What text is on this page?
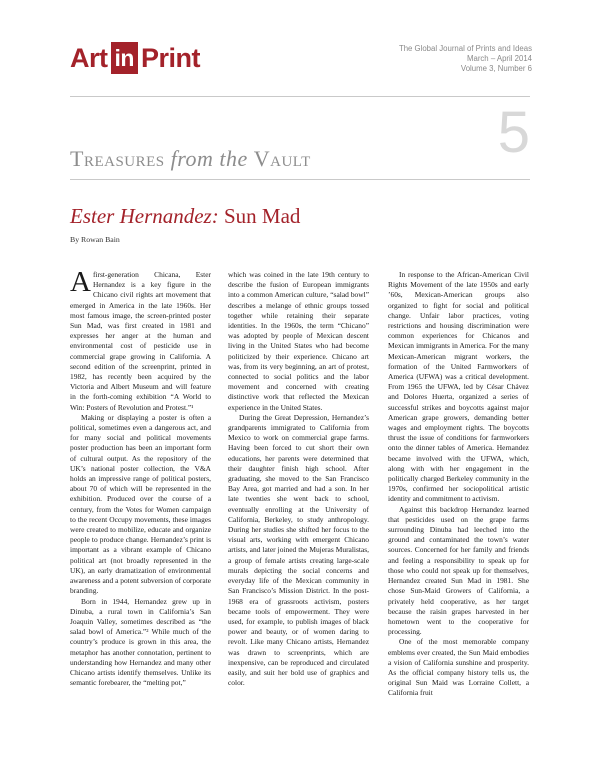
Art in Print	The Global Journal of Prints and Ideas
March – April 2014
Volume 3, Number 6
Treasures from the Vault	5
Ester Hernandez: Sun Mad
By Rowan Bain

Afirst-generation Chicana, Ester Hernandez is a key figure in the Chicano civil rights art movement that emerged in America in the late 1960s. Her most famous image, the screen-printed poster Sun Mad, was first created in 1981 and expresses her anger at the human and environmental cost of pesticide use in commercial grape growing in California. A second edition of the screenprint, printed in 1982, has recently been acquired by the Victoria and Albert Museum and will feature in the forth-coming exhibition “A World to Win: Posters of Revolution and Protest.”¹

Making or displaying a poster is often a political, sometimes even a dangerous act, and for many social and political movements poster production has been an important form of cultural output. As the repository of the UK’s national poster collection, the V&A holds an impressive range of political posters, about 70 of which will be represented in the exhibition. Produced over the course of a century, from the Votes for Women campaign to the recent Occupy movements, these images were created to mobilize, educate and organize people to produce change. Hernandez’s print is important as a vibrant example of Chicano political art (not broadly represented in the UK), an early dramatization of environmental awareness and a potent subversion of corporate branding.

Born in 1944, Hernandez grew up in Dinuba, a rural town in California’s San Joaquin Valley, sometimes described as “the salad bowl of America.”² While much of the country’s produce is grown in this area, the metaphor has another connotation, pertinent to understanding how Hernandez and many other Chicano artists identify themselves. Unlike its semantic forebearer, the “melting pot,”

which was coined in the late 19th century to describe the fusion of European immigrants into a common American culture, “salad bowl” describes a melange of ethnic groups tossed together while retaining their separate identities. In the 1960s, the term “Chicano” was adopted by people of Mexican descent living in the United States who had become politicized by their experience. Chicano art was, from its very beginning, an art of protest, connected to social politics and the labor movement and concerned with creating distinctive work that reflected the Mexican experience in the United States.

During the Great Depression, Hernandez’s grandparents immigrated to California from Mexico to work on commercial grape farms. Having been forced to cut short their own educations, her parents were determined that their daughter finish high school. After graduating, she moved to the San Francisco Bay Area, got married and had a son. In her late twenties she went back to school, eventually enrolling at the University of California, Berkeley, to study anthropology. During her studies she shifted her focus to the visual arts, working with emergent Chicano artists, and later joined the Mujeras Muralistas, a group of female artists creating large-scale murals depicting the social concerns and everyday life of the Mexican community in San Francisco’s Mission District. In the post-1968 era of grassroots activism, posters became tools of empowerment. They were used, for example, to publish images of black power and beauty, or of women daring to revolt. Like many Chicano artists, Hernandez was drawn to screenprints, which are inexpensive, can be reproduced and circulated easily, and suit her bold use of graphics and color.

In response to the African-American Civil Rights Movement of the late 1950s and early ’60s, Mexican-American groups also organized to fight for social and political change. Unfair labor practices, voting restrictions and housing discrimination were common experiences for Chicanos and Mexican immigrants in America. For the many Mexican-American migrant workers, the formation of the United Farmworkers of America (UFWA) was a critical development. From 1965 the UFWA, led by César Chávez and Dolores Huerta, organized a series of successful strikes and boycotts against major American grape growers, demanding better wages and employment rights. The boycotts thrust the issue of conditions for farmworkers onto the dinner tables of America. Hernandez became involved with the UFWA, which, along with with her engagement in the politically charged Berkeley community in the 1970s, confirmed her sociopolitical artistic identity and commitment to activism.

Against this backdrop Hernandez learned that pesticides used on the grape farms surrounding Dinuba had leeched into the ground and contaminated the town’s water sources. Concerned for her family and friends and feeling a responsibility to speak up for those who could not speak up for themselves, Hernandez created Sun Mad in 1981. She chose Sun-Maid Growers of California, a privately held cooperative, as her target because the raisin grapes harvested in her hometown went to the cooperative for processing.

One of the most memorable company emblems ever created, the Sun Maid embodies a vision of California sunshine and prosperity. As the official company history tells us, the original Sun Maid was Lorraine Collett, a California fruit
